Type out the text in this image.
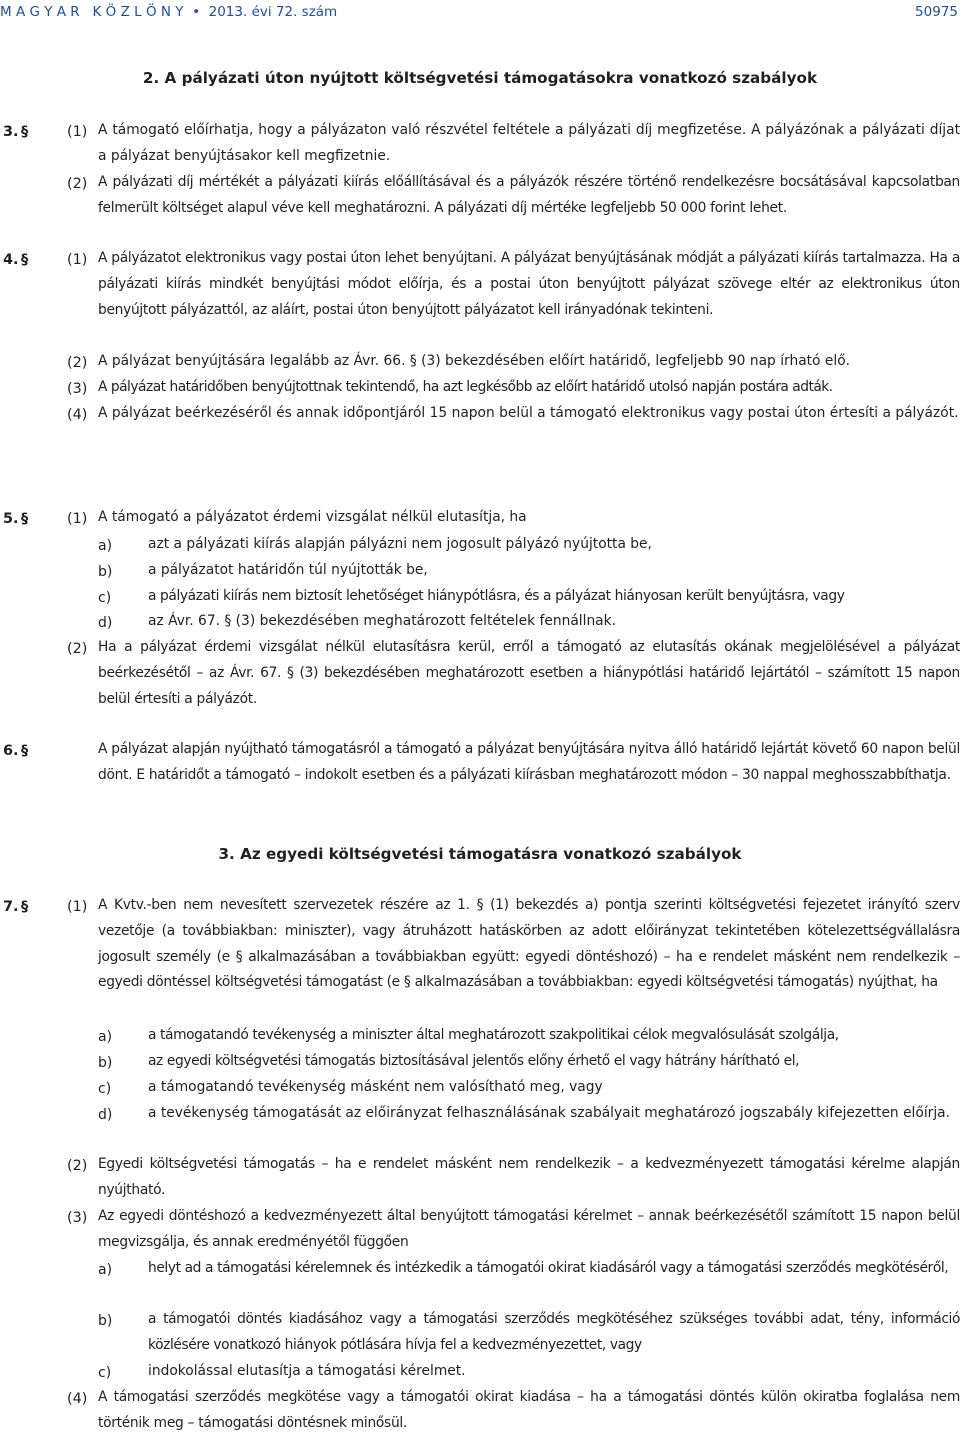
M A G Y A R   K Ö Z L Ö N Y  •  2013. évi 72. szám	50975
2. A pályázati úton nyújtott költségvetési támogatásokra vonatkozó szabályok
3. §	(1) A támogató előírhatja, hogy a pályázaton való részvétel feltétele a pályázati díj megfizetése. A pályázónak a pályázati díjat a pályázat benyújtásakor kell megfizetnie.
(2) A pályázati díj mértékét a pályázati kiírás előállításával és a pályázók részére történő rendelkezésre bocsátásával kapcsolatban felmerült költséget alapul véve kell meghatározni. A pályázati díj mértéke legfeljebb 50 000 forint lehet.
4. §	(1) A pályázatot elektronikus vagy postai úton lehet benyújtani. A pályázat benyújtásának módját a pályázati kiírás tartalmazza. Ha a pályázati kiírás mindkét benyújtási módot előírja, és a postai úton benyújtott pályázat szövege eltér az elektronikus úton benyújtott pályázattól, az aláírt, postai úton benyújtott pályázatot kell irányadónak tekinteni.
(2) A pályázat benyújtására legalább az Ávr. 66. § (3) bekezdésében előírt határidő, legfeljebb 90 nap írható elő.
(3) A pályázat határidőben benyújtottnak tekintendő, ha azt legkésőbb az előírt határidő utolsó napján postára adták.
(4) A pályázat beérkezéséről és annak időpontjáról 15 napon belül a támogató elektronikus vagy postai úton értesíti a pályázót.
5. §	(1) A támogató a pályázatot érdemi vizsgálat nélkül elutasítja, ha
a)	azt a pályázati kiírás alapján pályázni nem jogosult pályázó nyújtotta be,
b)	a pályázatot határidőn túl nyújtották be,
c)	a pályázati kiírás nem biztosít lehetőséget hiánypótlásra, és a pályázat hiányosan került benyújtásra, vagy
d)	az Ávr. 67. § (3) bekezdésében meghatározott feltételek fennállnak.
(2) Ha a pályázat érdemi vizsgálat nélkül elutasításra kerül, erről a támogató az elutasítás okának megjelölésével a pályázat beérkezésétől – az Ávr. 67. § (3) bekezdésében meghatározott esetben a hiánypótlási határidő lejártától – számított 15 napon belül értesíti a pályázót.
6. §	A pályázat alapján nyújtható támogatásról a támogató a pályázat benyújtására nyitva álló határidő lejártát követő 60 napon belül dönt. E határidőt a támogató – indokolt esetben és a pályázati kiírásban meghatározott módon – 30 nappal meghosszabbíthatja.
3. Az egyedi költségvetési támogatásra vonatkozó szabályok
7. §	(1) A Kvtv.-ben nem nevesített szervezetek részére az 1. § (1) bekezdés a) pontja szerinti költségvetési fejezetet irányító szerv vezetője (a továbbiakban: miniszter), vagy átruházott hatáskörben az adott előirányzat tekintetében kötelezettségvállalásra jogosult személy (e § alkalmazásában a továbbiakban együtt: egyedi döntéshozó) – ha e rendelet másként nem rendelkezik – egyedi döntéssel költségvetési támogatást (e § alkalmazásában a továbbiakban: egyedi költségvetési támogatás) nyújthat, ha
a)	a támogatandó tevékenység a miniszter által meghatározott szakpolitikai célok megvalósulását szolgálja,
b)	az egyedi költségvetési támogatás biztosításával jelentős előny érhető el vagy hátrány hárítható el,
c)	a támogatandó tevékenység másként nem valósítható meg, vagy
d)	a tevékenység támogatását az előirányzat felhasználásának szabályait meghatározó jogszabály kifejezetten előírja.
(2) Egyedi költségvetési támogatás – ha e rendelet másként nem rendelkezik – a kedvezményezett támogatási kérelme alapján nyújtható.
(3) Az egyedi döntéshozó a kedvezményezett által benyújtott támogatási kérelmet – annak beérkezésétől számított 15 napon belül megvizsgálja, és annak eredményétől függően
a)	helyt ad a támogatási kérelemnek és intézkedik a támogatói okirat kiadásáról vagy a támogatási szerződés megkötéséről,
b)	a támogatói döntés kiadásához vagy a támogatási szerződés megkötéséhez szükséges további adat, tény, információ közlésére vonatkozó hiányok pótlására hívja fel a kedvezményezettet, vagy
c)	indokolással elutasítja a támogatási kérelmet.
(4) A támogatási szerződés megkötése vagy a támogatói okirat kiadása – ha a támogatási döntés külön okiratba foglalása nem történik meg – támogatási döntésnek minősül.
